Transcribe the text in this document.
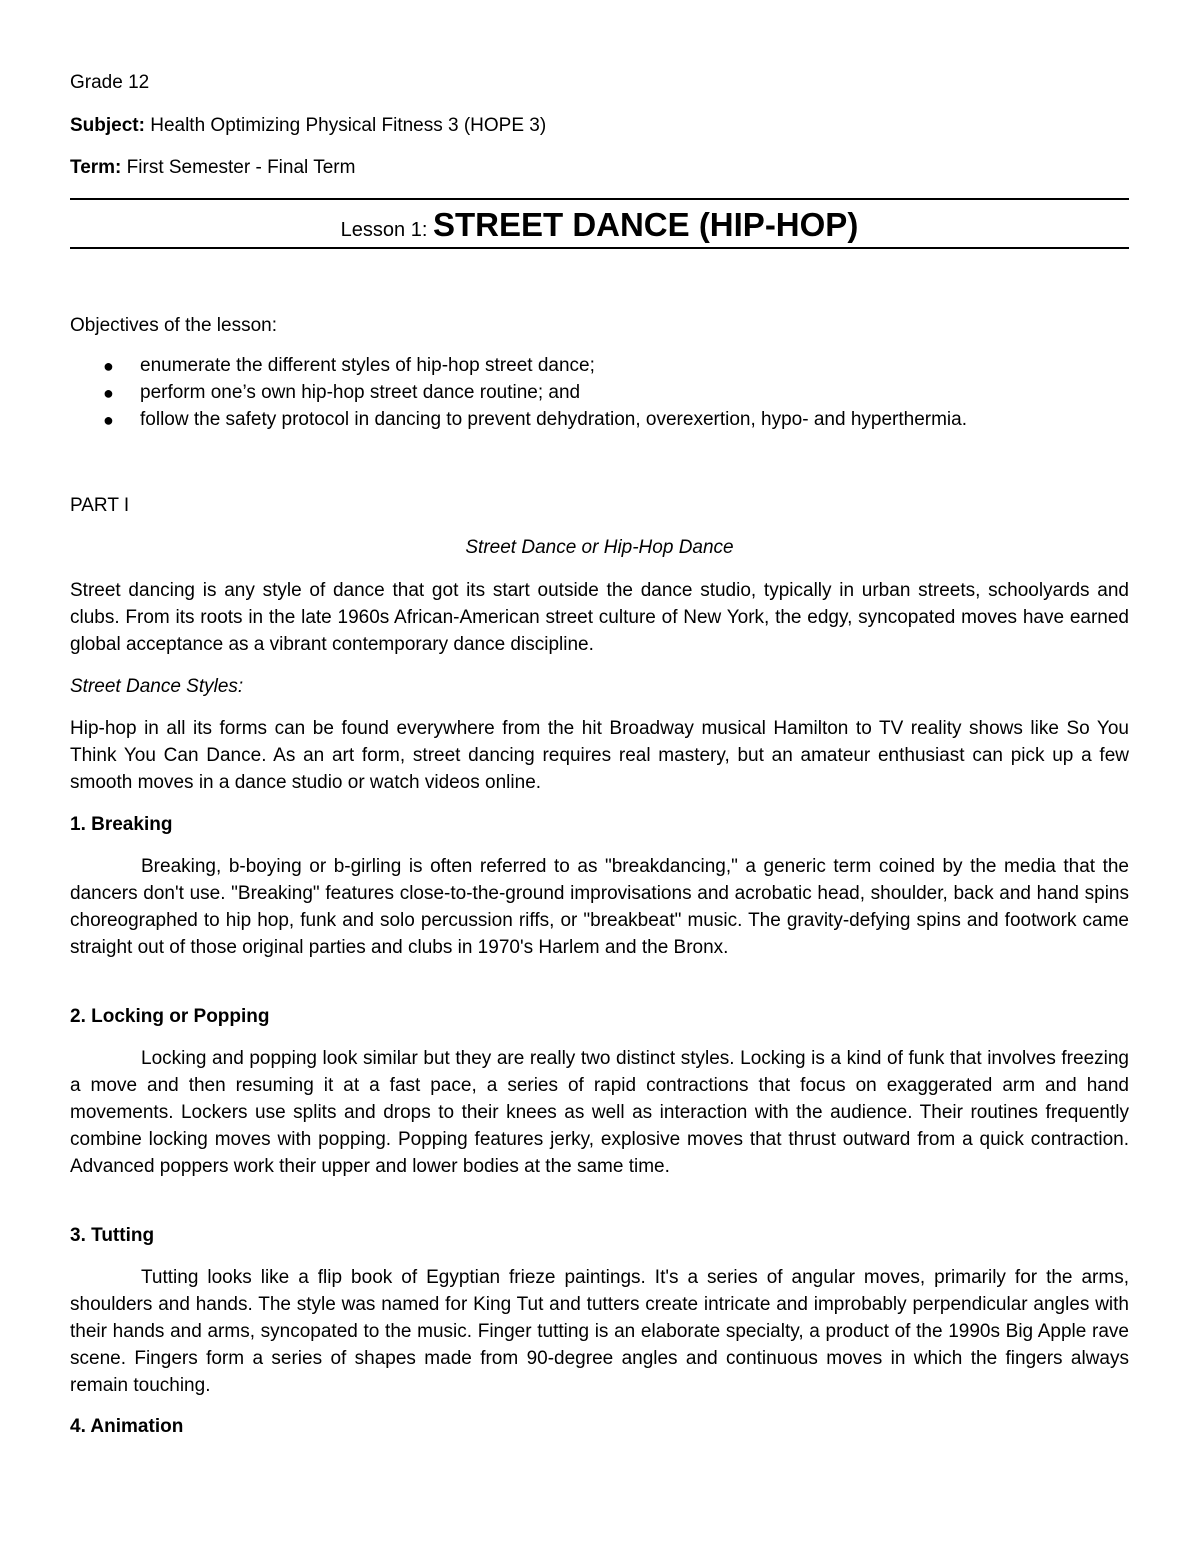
Grade 12
Subject: Health Optimizing Physical Fitness 3 (HOPE 3)
Term: First Semester - Final Term
Lesson 1: STREET DANCE (HIP-HOP)
Objectives of the lesson:
● enumerate the different styles of hip-hop street dance;
● perform one’s own hip-hop street dance routine; and
● follow the safety protocol in dancing to prevent dehydration, overexertion, hypo- and hyperthermia.
PART I
Street Dance or Hip-Hop Dance
Street dancing is any style of dance that got its start outside the dance studio, typically in urban streets, schoolyards and clubs. From its roots in the late 1960s African-American street culture of New York, the edgy, syncopated moves have earned global acceptance as a vibrant contemporary dance discipline.
Street Dance Styles:
Hip-hop in all its forms can be found everywhere from the hit Broadway musical Hamilton to TV reality shows like So You Think You Can Dance. As an art form, street dancing requires real mastery, but an amateur enthusiast can pick up a few smooth moves in a dance studio or watch videos online.
1. Breaking
Breaking, b-boying or b-girling is often referred to as "breakdancing," a generic term coined by the media that the dancers don't use. "Breaking" features close-to-the-ground improvisations and acrobatic head, shoulder, back and hand spins choreographed to hip hop, funk and solo percussion riffs, or "breakbeat" music. The gravity-defying spins and footwork came straight out of those original parties and clubs in 1970's Harlem and the Bronx.
2. Locking or Popping
Locking and popping look similar but they are really two distinct styles. Locking is a kind of funk that involves freezing a move and then resuming it at a fast pace, a series of rapid contractions that focus on exaggerated arm and hand movements. Lockers use splits and drops to their knees as well as interaction with the audience. Their routines frequently combine locking moves with popping. Popping features jerky, explosive moves that thrust outward from a quick contraction. Advanced poppers work their upper and lower bodies at the same time.
3. Tutting
Tutting looks like a flip book of Egyptian frieze paintings. It's a series of angular moves, primarily for the arms, shoulders and hands. The style was named for King Tut and tutters create intricate and improbably perpendicular angles with their hands and arms, syncopated to the music. Finger tutting is an elaborate specialty, a product of the 1990s Big Apple rave scene. Fingers form a series of shapes made from 90-degree angles and continuous moves in which the fingers always remain touching.
4. Animation
